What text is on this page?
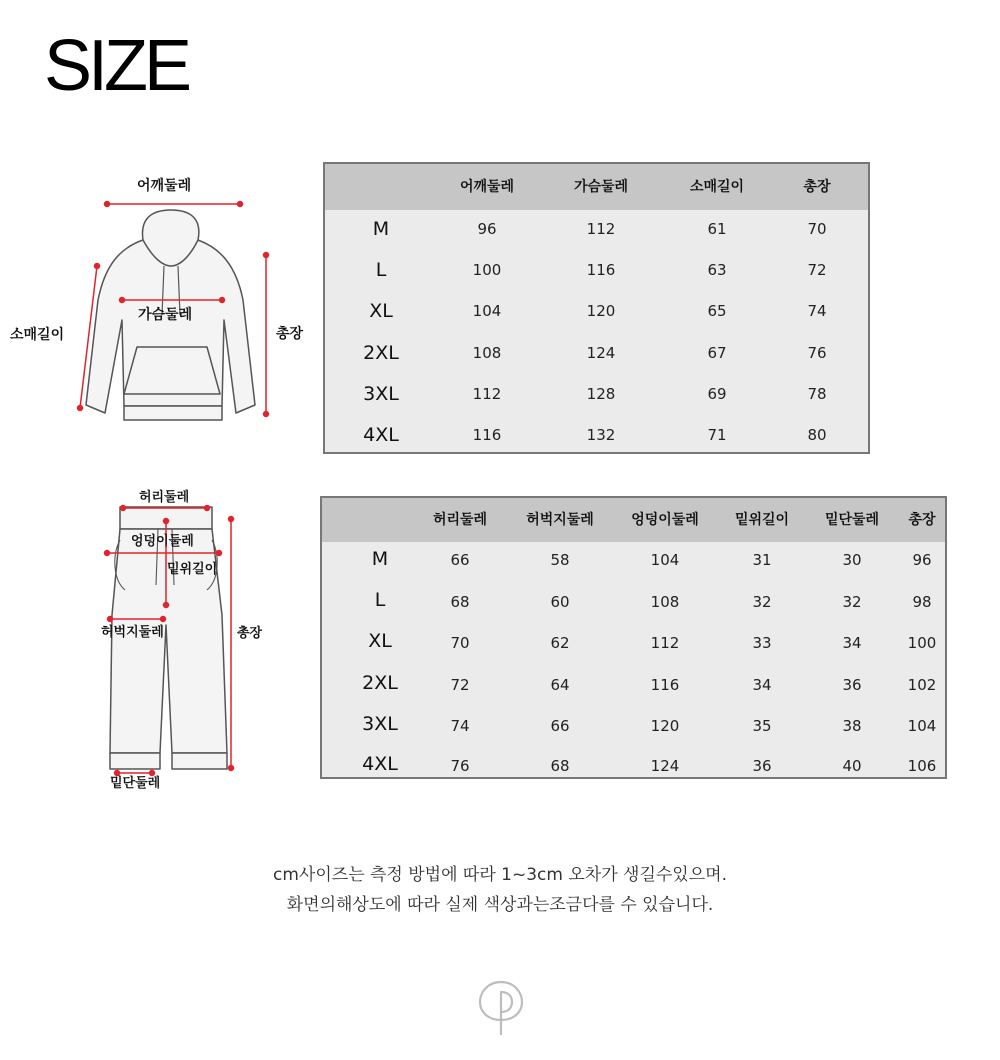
SIZE
어깨둘레
가슴둘레
소매길이	총장
어깨둘레	가슴둘레	소매길이	총장
M	96	112	61	70
L	100	116	63	72
XL	104	120	65	74
2XL	108	124	67	76
3XL	112	128	69	78
4XL	116	132	71	80
허리둘레
엉덩이둘레
밑위길이
허벅지둘레	총장
밑단둘레
허리둘레	허벅지둘레	엉덩이둘레	밑위길이	밑단둘레	총장
M	66	58	104	31	30	96
L	68	60	108	32	32	98
XL	70	62	112	33	34	100
2XL	72	64	116	34	36	102
3XL	74	66	120	35	38	104
4XL	76	68	124	36	40	106
cm사이즈는 측정 방법에 따라 1~3cm 오차가 생길수있으며.
화면의해상도에 따라 실제 색상과는조금다를 수 있습니다.
